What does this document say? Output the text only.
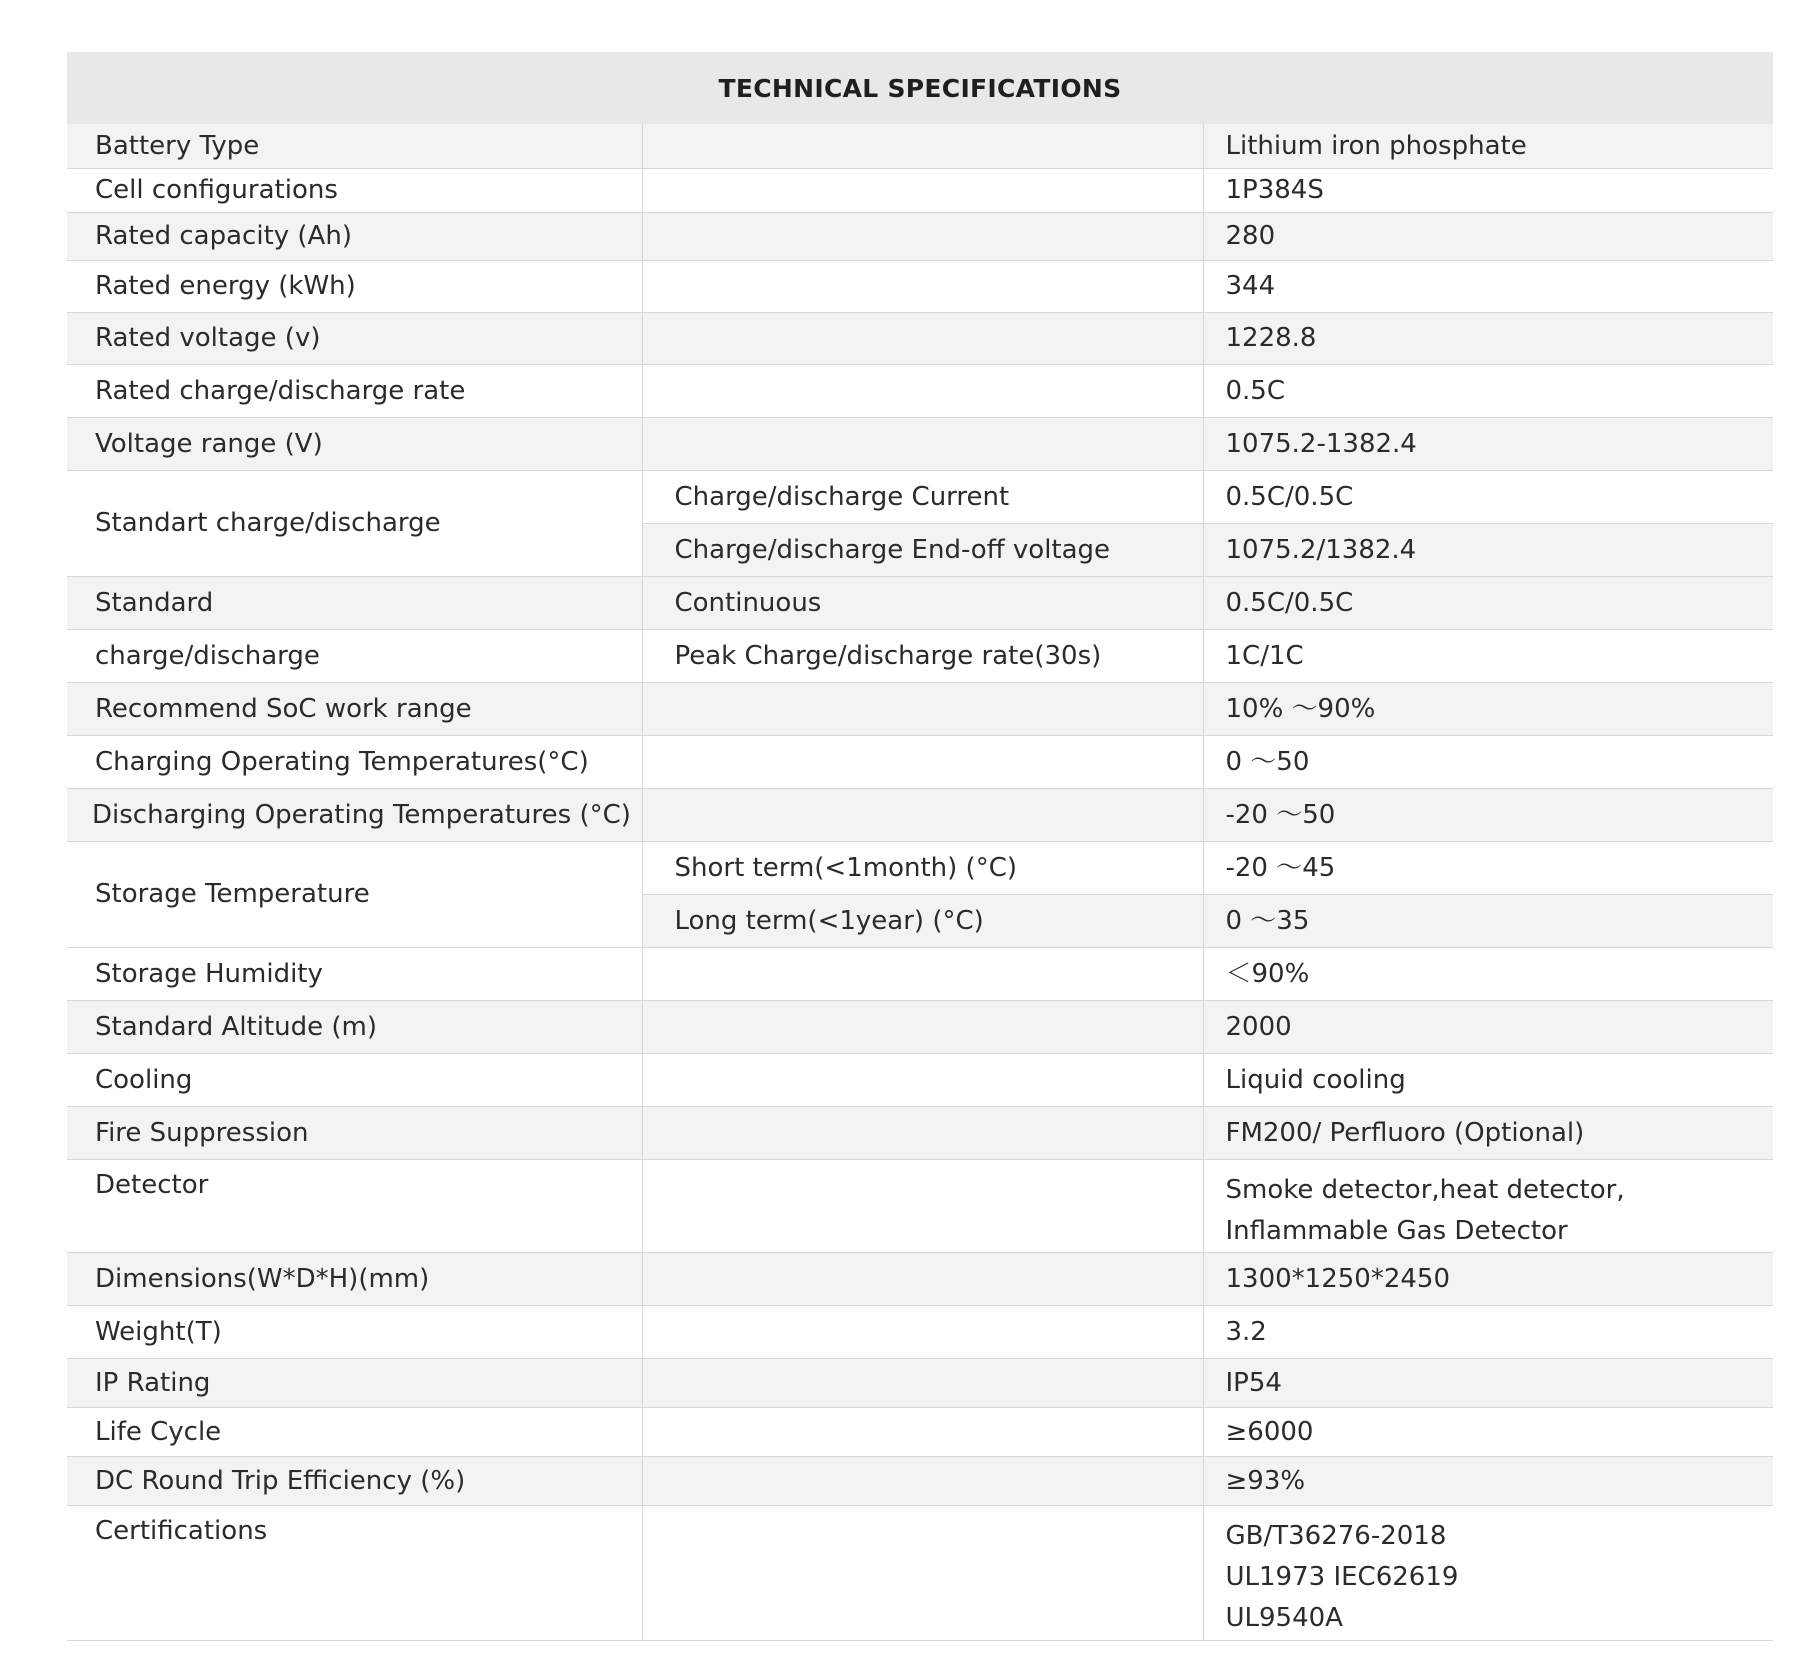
TECHNICAL SPECIFICATIONS
Battery Type		Lithium iron phosphate
Cell configurations		1P384S
Rated capacity (Ah)		280
Rated energy (kWh)		344
Rated voltage (v)		1228.8
Rated charge/discharge rate		0.5C
Voltage range (V)		1075.2-1382.4
Standart charge/discharge	Charge/discharge Current	0.5C/0.5C
	Charge/discharge End-off voltage	1075.2/1382.4
Standard	Continuous	0.5C/0.5C
charge/discharge	Peak Charge/discharge rate(30s)	1C/1C
Recommend SoC work range		10% ～90%
Charging Operating Temperatures(°C)		0 ～50
Discharging Operating Temperatures (°C)		-20 ～50
Storage Temperature	Short term(<1month) (°C)	-20 ～45
	Long term(<1year) (°C)	0 ～35
Storage Humidity		＜90%
Standard Altitude (m)		2000
Cooling		Liquid cooling
Fire Suppression		FM200/ Perfluoro (Optional)
Detector		Smoke detector,heat detector,
Inflammable Gas Detector

Dimensions(W*D*H)(mm)		1300*1250*2450
Weight(T)		3.2
IP Rating		IP54
Life Cycle		≥6000
DC Round Trip Efficiency (%)		≥93%
Certifications		GB/T36276-2018
UL1973 IEC62619
UL9540A
